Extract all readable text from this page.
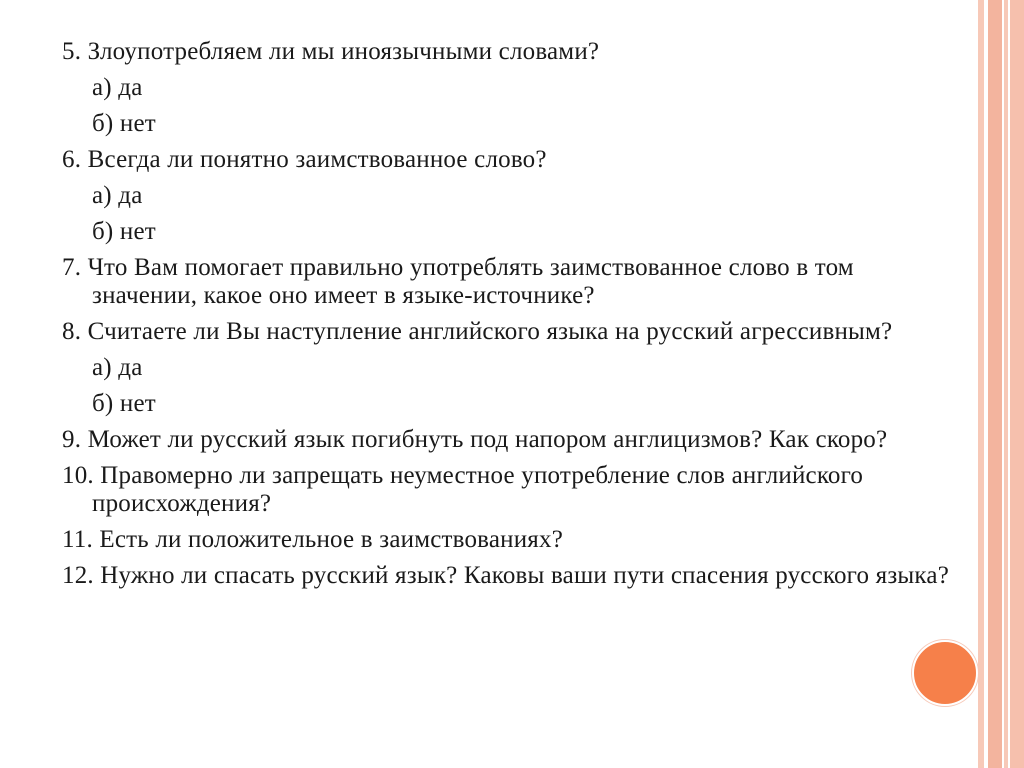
5. Злоупотребляем ли мы иноязычными словами?
а) да
б) нет
6. Всегда ли понятно заимствованное слово?
а) да
б) нет
7. Что Вам помогает правильно употреблять заимствованное слово в том значении, какое оно имеет в языке-источнике?
8. Считаете ли Вы наступление английского языка на русский агрессивным?
а) да
б) нет
9. Может ли русский язык погибнуть под напором англицизмов? Как скоро?
10. Правомерно ли запрещать неуместное употребление слов английского происхождения?
11. Есть ли положительное в заимствованиях?
12. Нужно ли спасать русский язык? Каковы ваши пути спасения русского языка?
